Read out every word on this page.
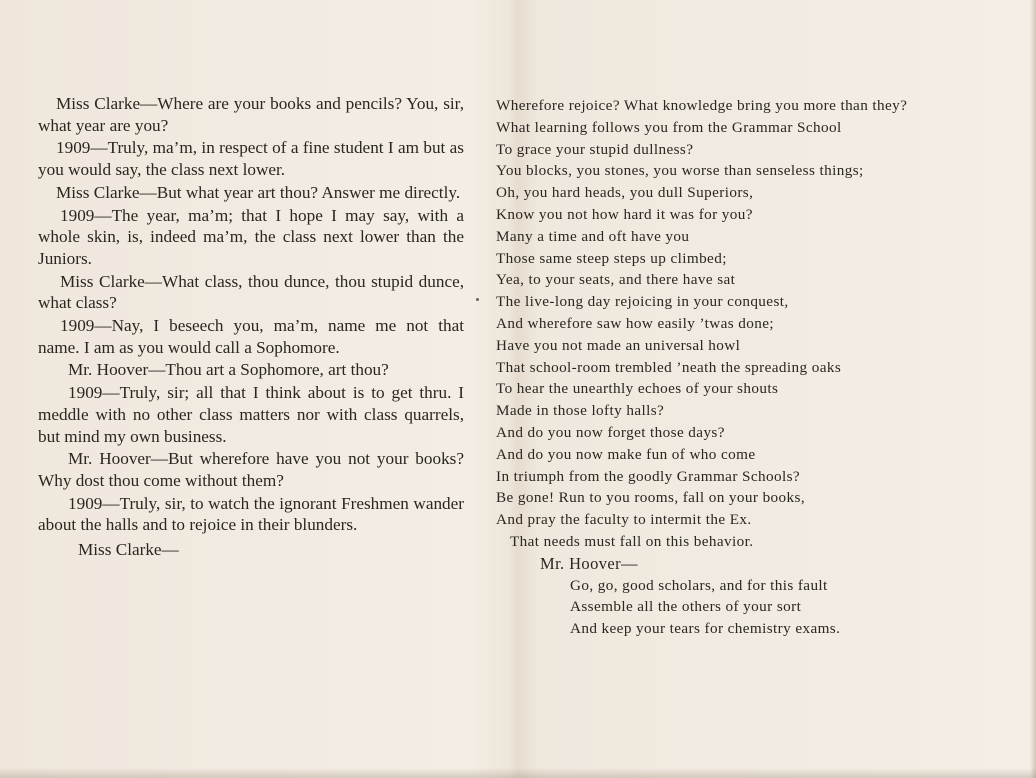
Miss Clarke—Where are your books and pencils? You, sir, what year are you?

1909—Truly, ma’m, in respect of a fine student I am but as you would say, the class next lower.

Miss Clarke—But what year art thou? Answer me directly.

1909—The year, ma’m; that I hope I may say, with a whole skin, is, indeed ma’m, the class next lower than the Juniors.

Miss Clarke—What class, thou dunce, thou stupid dunce, what class?

1909—Nay, I beseech you, ma’m, name me not that name. I am as you would call a Sophomore.

Mr. Hoover—Thou art a Sophomore, art thou?

1909—Truly, sir; all that I think about is to get thru. I meddle with no other class matters nor with class quarrels, but mind my own business.

Mr. Hoover—But wherefore have you not your books? Why dost thou come without them?

1909—Truly, sir, to watch the ignorant Freshmen wander about the halls and to rejoice in their blunders.

Miss Clarke—

Wherefore rejoice? What knowledge bring you more than they?

What learning follows you from the Grammar School

To grace your stupid dullness?

You blocks, you stones, you worse than senseless things;

Oh, you hard heads, you dull Superiors,

Know you not how hard it was for you?

Many a time and oft have you

Those same steep steps up climbed;

Yea, to your seats, and there have sat

The live-long day rejoicing in your conquest,

And wherefore saw how easily ’twas done;

Have you not made an universal howl

That school-room trembled ’neath the spreading oaks

To hear the unearthly echoes of your shouts

Made in those lofty halls?

And do you now forget those days?

And do you now make fun of who come

In triumph from the goodly Grammar Schools?

Be gone! Run to you rooms, fall on your books,

And pray the faculty to intermit the Ex.

That needs must fall on this behavior.

Mr. Hoover—

Go, go, good scholars, and for this fault

Assemble all the others of your sort

And keep your tears for chemistry exams.
